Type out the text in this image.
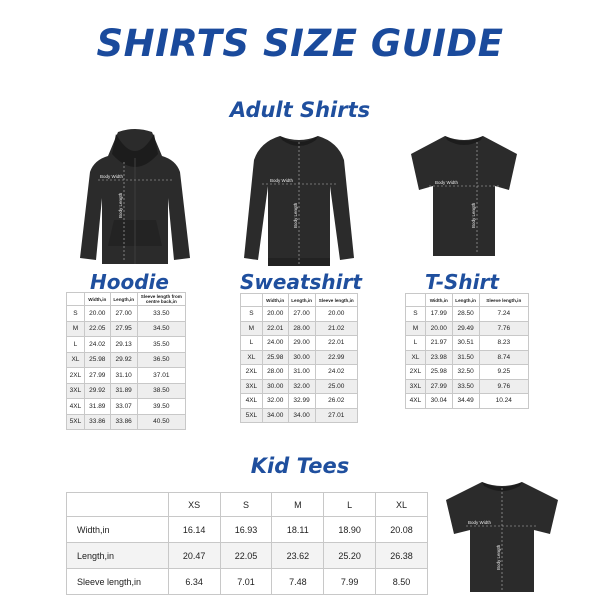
SHIRTS SIZE GUIDE
Adult Shirts
Body Width
Body Length
Hoodie
Body Width
Body Length
Sweatshirt
Body Width
Body Length
T-Shirt
	Width,in	Length,in	Sleeve length from centre back,in
S	20.00	27.00	33.50
M	22.05	27.95	34.50
L	24.02	29.13	35.50
XL	25.98	29.92	36.50
2XL	27.99	31.10	37.01
3XL	29.92	31.89	38.50
4XL	31.89	33.07	39.50
5XL	33.86	33.86	40.50
	Width,in	Length,in	Sleeve length,in
S	20.00	27.00	20.00
M	22.01	28.00	21.02
L	24.00	29.00	22.01
XL	25.98	30.00	22.99
2XL	28.00	31.00	24.02
3XL	30.00	32.00	25.00
4XL	32.00	32.99	26.02
5XL	34.00	34.00	27.01
	Width,in	Length,in	Sleeve length,in
S	17.99	28.50	7.24
M	20.00	29.49	7.76
L	21.97	30.51	8.23
XL	23.98	31.50	8.74
2XL	25.98	32.50	9.25
3XL	27.99	33.50	9.76
4XL	30.04	34.49	10.24
Kid Tees
	XS	S	M	L	XL
Width,in	16.14	16.93	18.11	18.90	20.08
Length,in	20.47	22.05	23.62	25.20	26.38
Sleeve length,in	6.34	7.01	7.48	7.99	8.50
Body Width
Body Length
